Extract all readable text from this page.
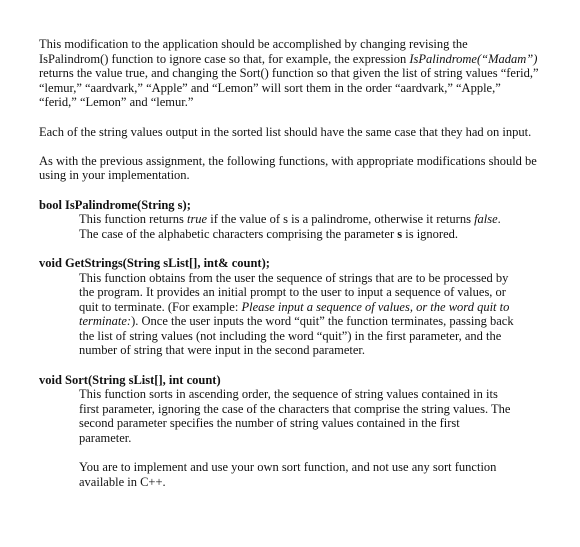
This modification to the application should be accomplished by changing revising the IsPalindrom() function to ignore case so that, for example, the expression IsPalindrome(“Madam”) returns the value true, and changing the Sort() function so that given the list of string values “ferid,” “lemur,” “aardvark,” “Apple” and “Lemon” will sort them in the order “aardvark,” “Apple,” “ferid,” “Lemon” and “lemur.”

Each of the string values output in the sorted list should have the same case that they had on input.

As with the previous assignment, the following functions, with appropriate modifications should be using in your implementation.

bool IsPalindrome(String s);

This function returns true if the value of s is a palindrome, otherwise it returns false. The case of the alphabetic characters comprising the parameter s is ignored.

void GetStrings(String sList[], int& count);

This function obtains from the user the sequence of strings that are to be processed by the program. It provides an initial prompt to the user to input a sequence of values, or quit to terminate. (For example: Please input a sequence of values, or the word quit to terminate:). Once the user inputs the word “quit” the function terminates, passing back the list of string values (not including the word “quit”) in the first parameter, and the number of string that were input in the second parameter.

void Sort(String sList[], int count)

This function sorts in ascending order, the sequence of string values contained in its first parameter, ignoring the case of the characters that comprise the string values. The second parameter specifies the number of string values contained in the first parameter.

You are to implement and use your own sort function, and not use any sort function available in C++.
